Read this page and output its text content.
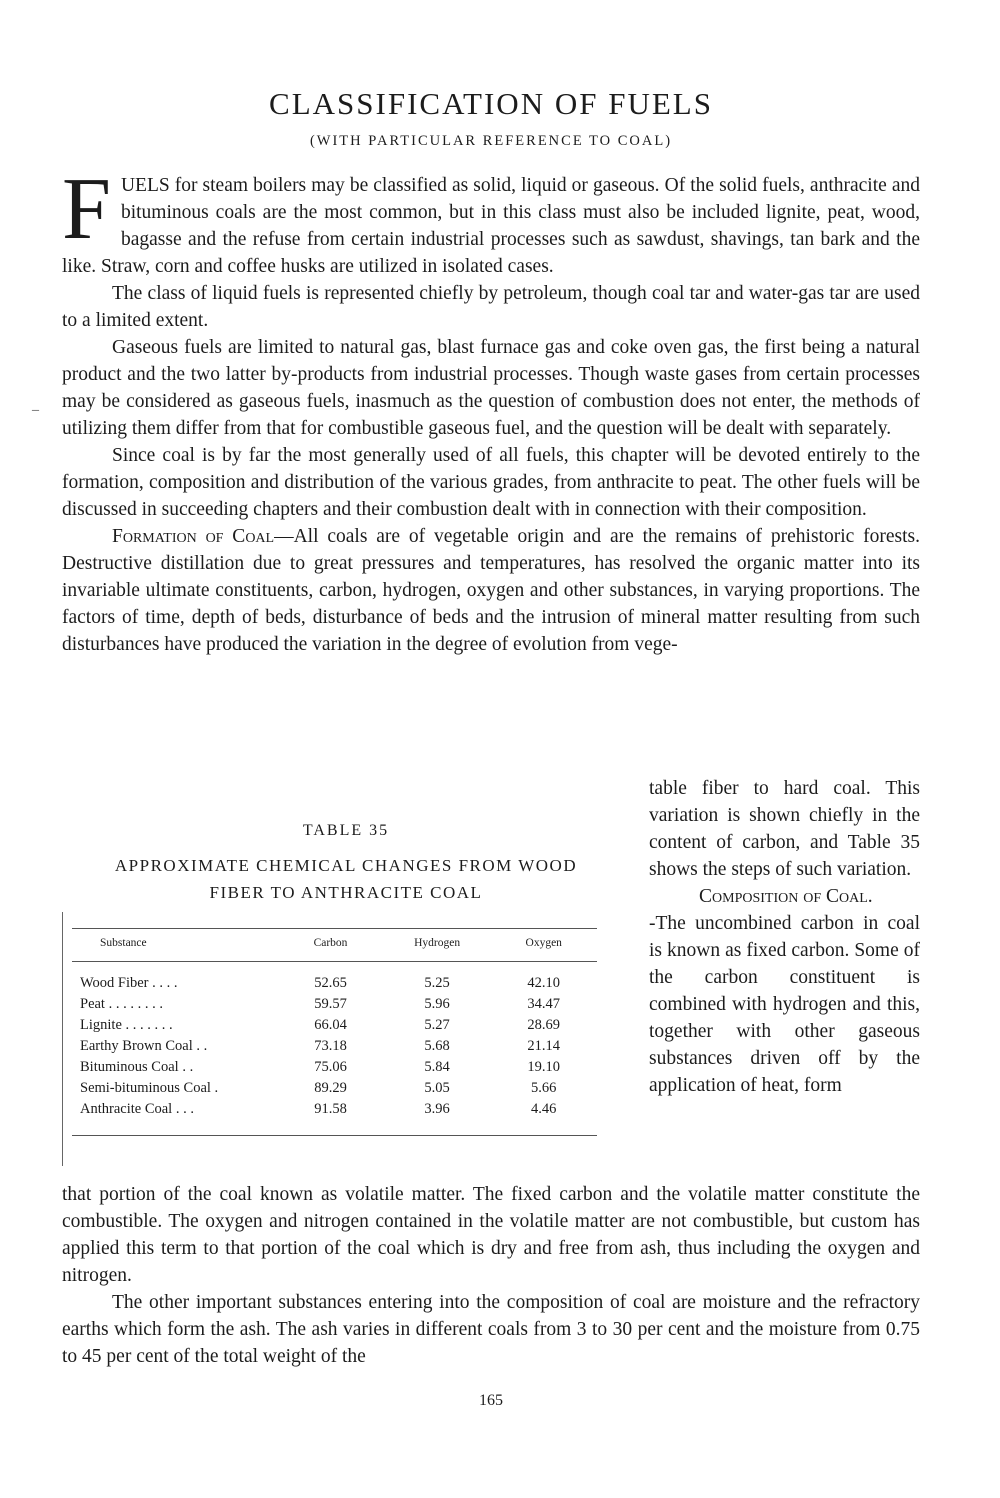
CLASSIFICATION OF FUELS
(WITH PARTICULAR REFERENCE TO COAL)
_

FUELS for steam boilers may be classified as solid, liquid or gaseous. Of the solid fuels, anthracite and bituminous coals are the most common, but in this class must also be included lignite, peat, wood, bagasse and the refuse from certain industrial processes such as sawdust, shavings, tan bark and the like. Straw, corn and coffee husks are utilized in isolated cases.

The class of liquid fuels is represented chiefly by petroleum, though coal tar and water-gas tar are used to a limited extent.

Gaseous fuels are limited to natural gas, blast furnace gas and coke oven gas, the first being a natural product and the two latter by-products from industrial processes. Though waste gases from certain processes may be considered as gaseous fuels, inasmuch as the question of combustion does not enter, the methods of utilizing them differ from that for combustible gaseous fuel, and the question will be dealt with separately.

Since coal is by far the most generally used of all fuels, this chapter will be devoted entirely to the formation, composition and distribution of the various grades, from anthracite to peat. The other fuels will be discussed in succeeding chapters and their combustion dealt with in connection with their composition.

Formation of Coal—All coals are of vegetable origin and are the remains of prehistoric forests. Destructive distillation due to great pressures and temperatures, has resolved the organic matter into its invariable ultimate constituents, carbon, hydrogen, oxygen and other substances, in varying proportions. The factors of time, depth of beds, disturbance of beds and the intrusion of mineral matter resulting from such disturbances have produced the variation in the degree of evolution from vege-

TABLE 35
APPROXIMATE CHEMICAL CHANGES FROM WOOD
FIBER TO ANTHRACITE COAL
Substance	Carbon	Hydrogen	Oxygen
Wood Fiber . . . .	52.65	5.25	42.10
Peat . . . . . . . .	59.57	5.96	34.47
Lignite . . . . . . .	66.04	5.27	28.69
Earthy Brown Coal . .	73.18	5.68	21.14
Bituminous Coal . .	75.06	5.84	19.10
Semi-bituminous Coal .	89.29	5.05	5.66
Anthracite Coal . . .	91.58	3.96	4.46

table fiber to hard coal. This variation is shown chiefly in the content of carbon, and Table 35 shows the steps of such variation.

Composition of Coal.

-The uncombined carbon in coal is known as fixed carbon. Some of the carbon constituent is combined with hydrogen and this, together with other gaseous substances driven off by the application of heat, form

that portion of the coal known as volatile matter. The fixed carbon and the volatile matter constitute the combustible. The oxygen and nitrogen contained in the volatile matter are not combustible, but custom has applied this term to that portion of the coal which is dry and free from ash, thus including the oxygen and nitrogen.

The other important substances entering into the composition of coal are moisture and the refractory earths which form the ash. The ash varies in different coals from 3 to 30 per cent and the moisture from 0.75 to 45 per cent of the total weight of the

165
